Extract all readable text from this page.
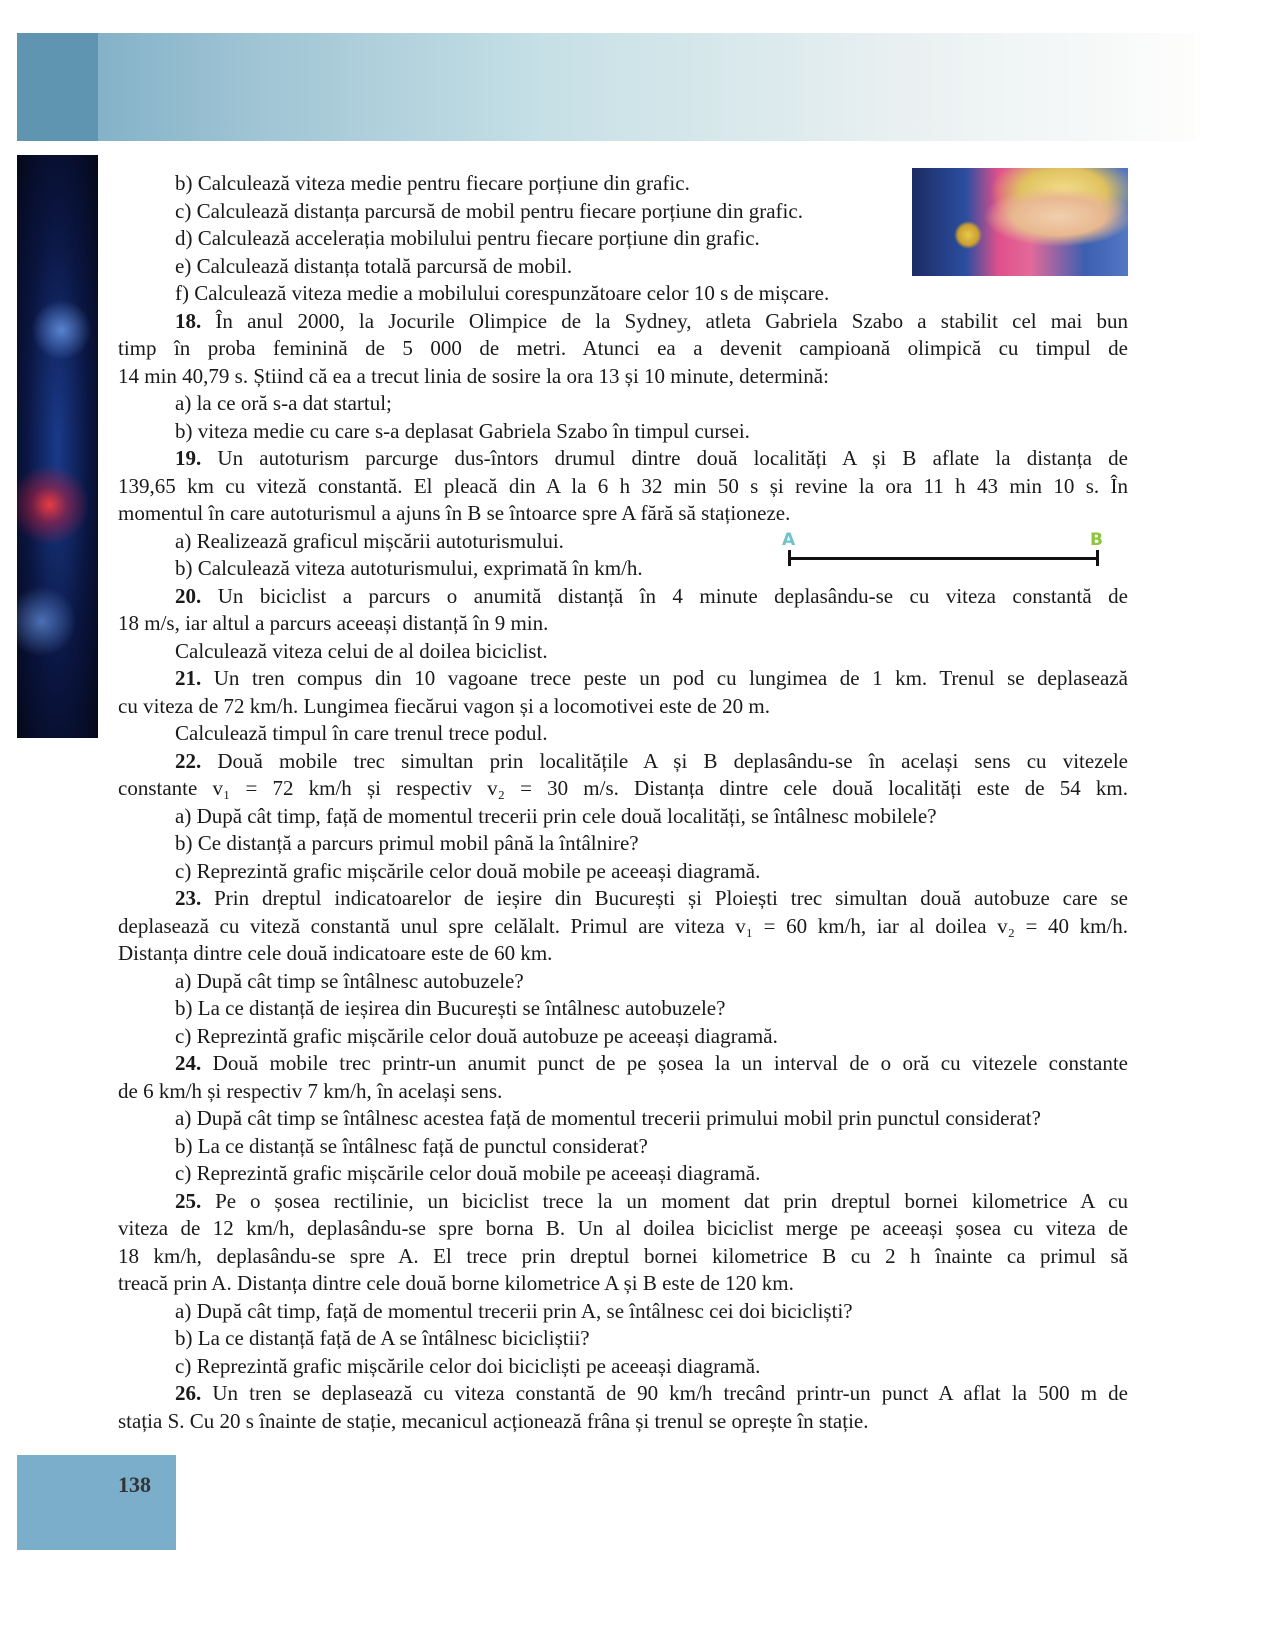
b) Calculează viteza medie pentru fiecare porțiune din grafic.
c) Calculează distanța parcursă de mobil pentru fiecare porțiune din grafic.
d) Calculează accelerația mobilului pentru fiecare porțiune din grafic.
e) Calculează distanța totală parcursă de mobil.
f) Calculează viteza medie a mobilului corespunzătoare celor 10 s de mișcare.
18. În anul 2000, la Jocurile Olimpice de la Sydney, atleta Gabriela Szabo a stabilit cel mai bun
timp în proba feminină de 5 000 de metri. Atunci ea a devenit campioană olimpică cu timpul de
14 min 40,79 s. Știind că ea a trecut linia de sosire la ora 13 și 10 minute, determină:
a) la ce oră s-a dat startul;
b) viteza medie cu care s-a deplasat Gabriela Szabo în timpul cursei.
19. Un autoturism parcurge dus-întors drumul dintre două localități A și B aflate la distanța de
139,65 km cu viteză constantă. El pleacă din A la 6 h 32 min 50 s și revine la ora 11 h 43 min 10 s. În
momentul în care autoturismul a ajuns în B se întoarce spre A fără să staționeze.
a) Realizează graficul mișcării autoturismului.
b) Calculează viteza autoturismului, exprimată în km/h.
20. Un biciclist a parcurs o anumită distanță în 4 minute deplasându-se cu viteza constantă de
18 m/s, iar altul a parcurs aceeași distanță în 9 min.
Calculează viteza celui de al doilea biciclist.
21. Un tren compus din 10 vagoane trece peste un pod cu lungimea de 1 km. Trenul se deplasează
cu viteza de 72 km/h. Lungimea fiecărui vagon și a locomotivei este de 20 m.
Calculează timpul în care trenul trece podul.
22. Două mobile trec simultan prin localitățile A și B deplasându-se în același sens cu vitezele
constante v₁ = 72 km/h și respectiv v₂ = 30 m/s. Distanța dintre cele două localități este de 54 km.
a) După cât timp, față de momentul trecerii prin cele două localități, se întâlnesc mobilele?
b) Ce distanță a parcurs primul mobil până la întâlnire?
c) Reprezintă grafic mișcările celor două mobile pe aceeași diagramă.
23. Prin dreptul indicatoarelor de ieșire din București și Ploiești trec simultan două autobuze care se
deplasează cu viteză constantă unul spre celălalt. Primul are viteza v₁ = 60 km/h, iar al doilea v₂ = 40 km/h.
Distanța dintre cele două indicatoare este de 60 km.
a) După cât timp se întâlnesc autobuzele?
b) La ce distanță de ieșirea din București se întâlnesc autobuzele?
c) Reprezintă grafic mișcările celor două autobuze pe aceeași diagramă.
24. Două mobile trec printr-un anumit punct de pe șosea la un interval de o oră cu vitezele constante
de 6 km/h și respectiv 7 km/h, în același sens.
a) După cât timp se întâlnesc acestea față de momentul trecerii primului mobil prin punctul considerat?
b) La ce distanță se întâlnesc față de punctul considerat?
c) Reprezintă grafic mișcările celor două mobile pe aceeași diagramă.
25. Pe o șosea rectilinie, un biciclist trece la un moment dat prin dreptul bornei kilometrice A cu
viteza de 12 km/h, deplasându-se spre borna B. Un al doilea biciclist merge pe aceeași șosea cu viteza de
18 km/h, deplasându-se spre A. El trece prin dreptul bornei kilometrice B cu 2 h înainte ca primul să
treacă prin A. Distanța dintre cele două borne kilometrice A și B este de 120 km.
a) După cât timp, față de momentul trecerii prin A, se întâlnesc cei doi bicicliști?
b) La ce distanță față de A se întâlnesc bicicliștii?
c) Reprezintă grafic mișcările celor doi bicicliști pe aceeași diagramă.
26. Un tren se deplasează cu viteza constantă de 90 km/h trecând printr-un punct A aflat la 500 m de
stația S. Cu 20 s înainte de stație, mecanicul acționează frâna și trenul se oprește în stație.
A	B
138
